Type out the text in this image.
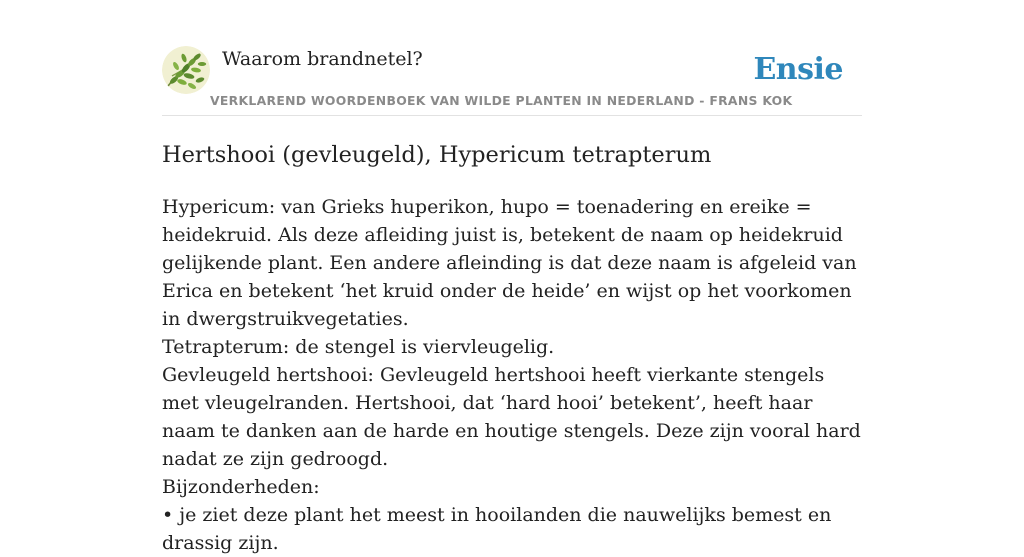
Waarom brandnetel?	Ensie
VERKLAREND WOORDENBOEK VAN WILDE PLANTEN IN NEDERLAND - FRANS KOK
Hertshooi (gevleugeld), Hypericum tetrapterum

Hypericum: van Grieks huperikon, hupo = toenadering en ereike = heidekruid. Als deze afleiding juist is, betekent de naam op heidekruid gelijkende plant. Een andere afleinding is dat deze naam is afgeleid van Erica en betekent ‘het kruid onder de heide’ en wijst op het voorkomen in dwergstruikvegetaties.

Tetrapterum: de stengel is viervleugelig.

Gevleugeld hertshooi: Gevleugeld hertshooi heeft vierkante stengels met vleugelranden. Hertshooi, dat ‘hard hooi’ betekent’, heeft haar naam te danken aan de harde en houtige stengels. Deze zijn vooral hard nadat ze zijn gedroogd.

Bijzonderheden:

• je ziet deze plant het meest in hooilanden die nauwelijks bemest en drassig zijn.
